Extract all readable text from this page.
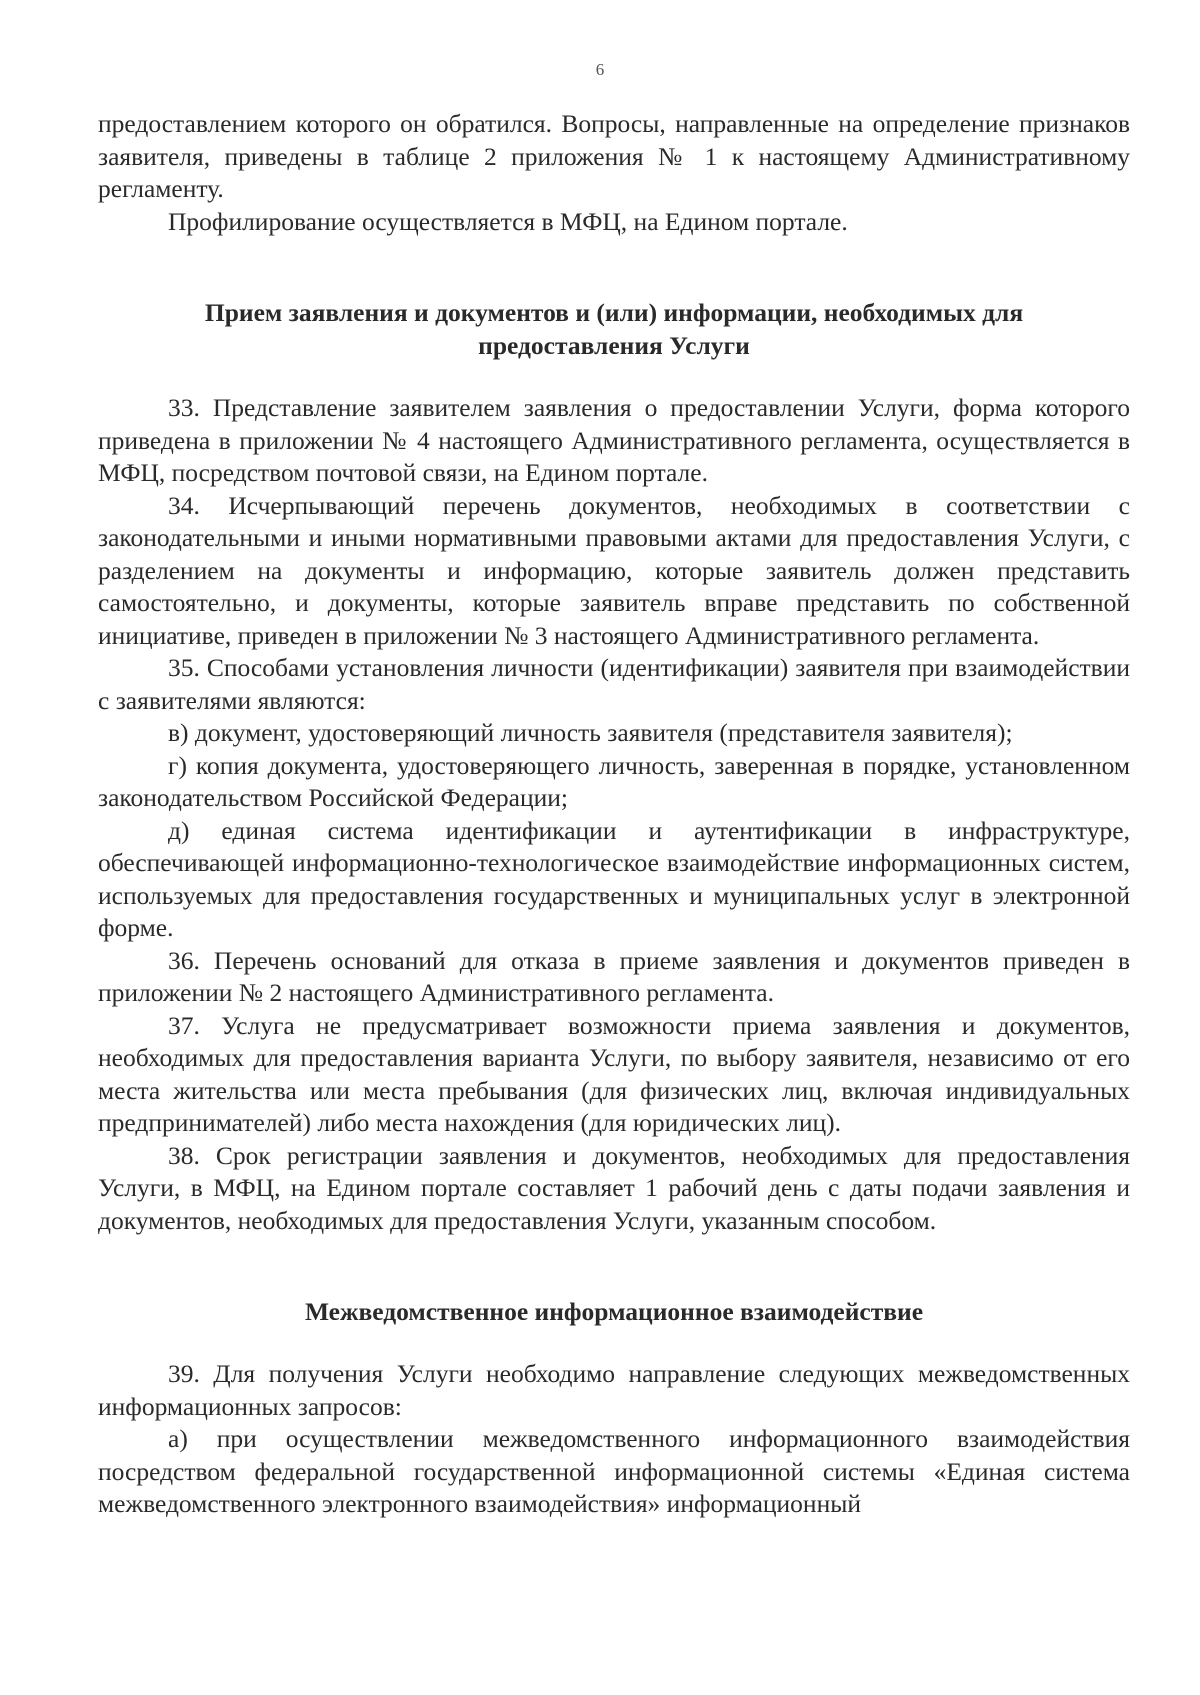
6

предоставлением которого он обратился. Вопросы, направленные на определение признаков заявителя, приведены в таблице 2 приложения № 1 к настоящему Административному регламенту.

Профилирование осуществляется в МФЦ, на Едином портале.

Прием заявления и документов и (или) информации, необходимых для предоставления Услуги

33. Представление заявителем заявления о предоставлении Услуги, форма которого приведена в приложении № 4 настоящего Административного регламента, осуществляется в МФЦ, посредством почтовой связи, на Едином портале.

34. Исчерпывающий перечень документов, необходимых в соответствии с законодательными и иными нормативными правовыми актами для предоставления Услуги, с разделением на документы и информацию, которые заявитель должен представить самостоятельно, и документы, которые заявитель вправе представить по собственной инициативе, приведен в приложении № 3 настоящего Административного регламента.

35. Способами установления личности (идентификации) заявителя при взаимодействии с заявителями являются:

в) документ, удостоверяющий личность заявителя (представителя заявителя);

г) копия документа, удостоверяющего личность, заверенная в порядке, установленном законодательством Российской Федерации;

д) единая система идентификации и аутентификации в инфраструктуре, обеспечивающей информационно-технологическое взаимодействие информационных систем, используемых для предоставления государственных и муниципальных услуг в электронной форме.

36. Перечень оснований для отказа в приеме заявления и документов приведен в приложении № 2 настоящего Административного регламента.

37. Услуга не предусматривает возможности приема заявления и документов, необходимых для предоставления варианта Услуги, по выбору заявителя, независимо от его места жительства или места пребывания (для физических лиц, включая индивидуальных предпринимателей) либо места нахождения (для юридических лиц).

38. Срок регистрации заявления и документов, необходимых для предоставления Услуги, в МФЦ, на Едином портале составляет 1 рабочий день с даты подачи заявления и документов, необходимых для предоставления Услуги, указанным способом.

Межведомственное информационное взаимодействие

39. Для получения Услуги необходимо направление следующих межведомственных информационных запросов:

а) при осуществлении межведомственного информационного взаимодействия посредством федеральной государственной информационной системы «Единая система межведомственного электронного взаимодействия» информационный
